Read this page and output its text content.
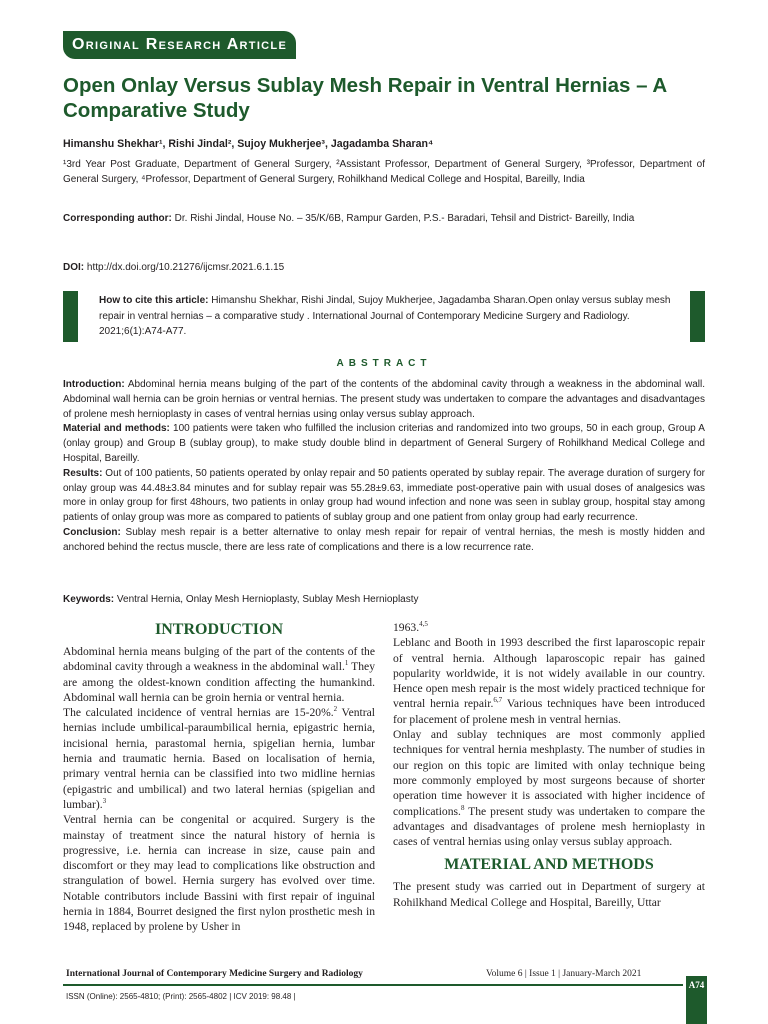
Original Research Article
Open Onlay Versus Sublay Mesh Repair in Ventral Hernias – A Comparative Study
Himanshu Shekhar¹, Rishi Jindal², Sujoy Mukherjee³, Jagadamba Sharan⁴

¹3rd Year Post Graduate, Department of General Surgery, ²Assistant Professor, Department of General Surgery, ³Professor, Department of General Surgery, ⁴Professor, Department of General Surgery, Rohilkhand Medical College and Hospital, Bareilly, India

Corresponding author: Dr. Rishi Jindal, House No. – 35/K/6B, Rampur Garden, P.S.- Baradari, Tehsil and District- Bareilly, India

DOI: http://dx.doi.org/10.21276/ijcmsr.2021.6.1.15

How to cite this article: Himanshu Shekhar, Rishi Jindal, Sujoy Mukherjee, Jagadamba Sharan.Open onlay versus sublay mesh repair in ventral hernias – a comparative study . International Journal of Contemporary Medicine Surgery and Radiology. 2021;6(1):A74-A77.

ABSTRACT

Introduction: Abdominal hernia means bulging of the part of the contents of the abdominal cavity through a weakness in the abdominal wall. Abdominal wall hernia can be groin hernias or ventral hernias. The present study was undertaken to compare the advantages and disadvantages of prolene mesh hernioplasty in cases of ventral hernias using onlay versus sublay approach.

Material and methods: 100 patients were taken who fulfilled the inclusion criterias and randomized into two groups, 50 in each group, Group A (onlay group) and Group B (sublay group), to make study double blind in department of General Surgery of Rohilkhand Medical College and Hospital, Bareilly.

Results: Out of 100 patients, 50 patients operated by onlay repair and 50 patients operated by sublay repair. The average duration of surgery for onlay group was 44.48±3.84 minutes and for sublay repair was 55.28±9.63, immediate post-operative pain with usual doses of analgesics was more in onlay group for first 48hours, two patients in onlay group had wound infection and none was seen in sublay group, hospital stay among patients of onlay group was more as compared to patients of sublay group and one patient from onlay group had early recurrence.

Conclusion: Sublay mesh repair is a better alternative to onlay mesh repair for repair of ventral hernias, the mesh is mostly hidden and anchored behind the rectus muscle, there are less rate of complications and there is a low recurrence rate.

Keywords: Ventral Hernia, Onlay Mesh Hernioplasty, Sublay Mesh Hernioplasty
INTRODUCTION

Abdominal hernia means bulging of the part of the contents of the abdominal cavity through a weakness in the abdominal wall.$^1$ They are among the oldest-known condition affecting the humankind. Abdominal wall hernia can be groin hernia or ventral hernia.

The calculated incidence of ventral hernias are 15-20%.$^2$ Ventral hernias include umbilical-paraumbilical hernia, epigastric hernia, incisional hernia, parastomal hernia, spigelian hernia, lumbar hernia and traumatic hernia. Based on localisation of hernia, primary ventral hernia can be classified into two midline hernias (epigastric and umbilical) and two lateral hernias (spigelian and lumbar).$^3$

Ventral hernia can be congenital or acquired. Surgery is the mainstay of treatment since the natural history of hernia is progressive, i.e. hernia can increase in size, cause pain and discomfort or they may lead to complications like obstruction and strangulation of bowel. Hernia surgery has evolved over time. Notable contributors include Bassini with first repair of inguinal hernia in 1884, Bourret designed the first nylon prosthetic mesh in 1948, replaced by prolene by Usher in

1963.$^{4,5}$

Leblanc and Booth in 1993 described the first laparoscopic repair of ventral hernia. Although laparoscopic repair has gained popularity worldwide, it is not widely available in our country. Hence open mesh repair is the most widely practiced technique for ventral hernia repair.$^{6,7}$ Various techniques have been introduced for placement of prolene mesh in ventral hernias.

Onlay and sublay techniques are most commonly applied techniques for ventral hernia meshplasty. The number of studies in our region on this topic are limited with onlay technique being more commonly employed by most surgeons because of shorter operation time however it is associated with higher incidence of complications.$^8$ The present study was undertaken to compare the advantages and disadvantages of prolene mesh hernioplasty in cases of ventral hernias using onlay versus sublay approach.

MATERIAL AND METHODS

The present study was carried out in Department of surgery at Rohilkhand Medical College and Hospital, Bareilly, Uttar

International Journal of Contemporary Medicine Surgery and Radiology	Volume 6 | Issue 1 | January-March 2021
ISSN (Online): 2565-4810; (Print): 2565-4802 | ICV 2019: 98.48 |
A74
